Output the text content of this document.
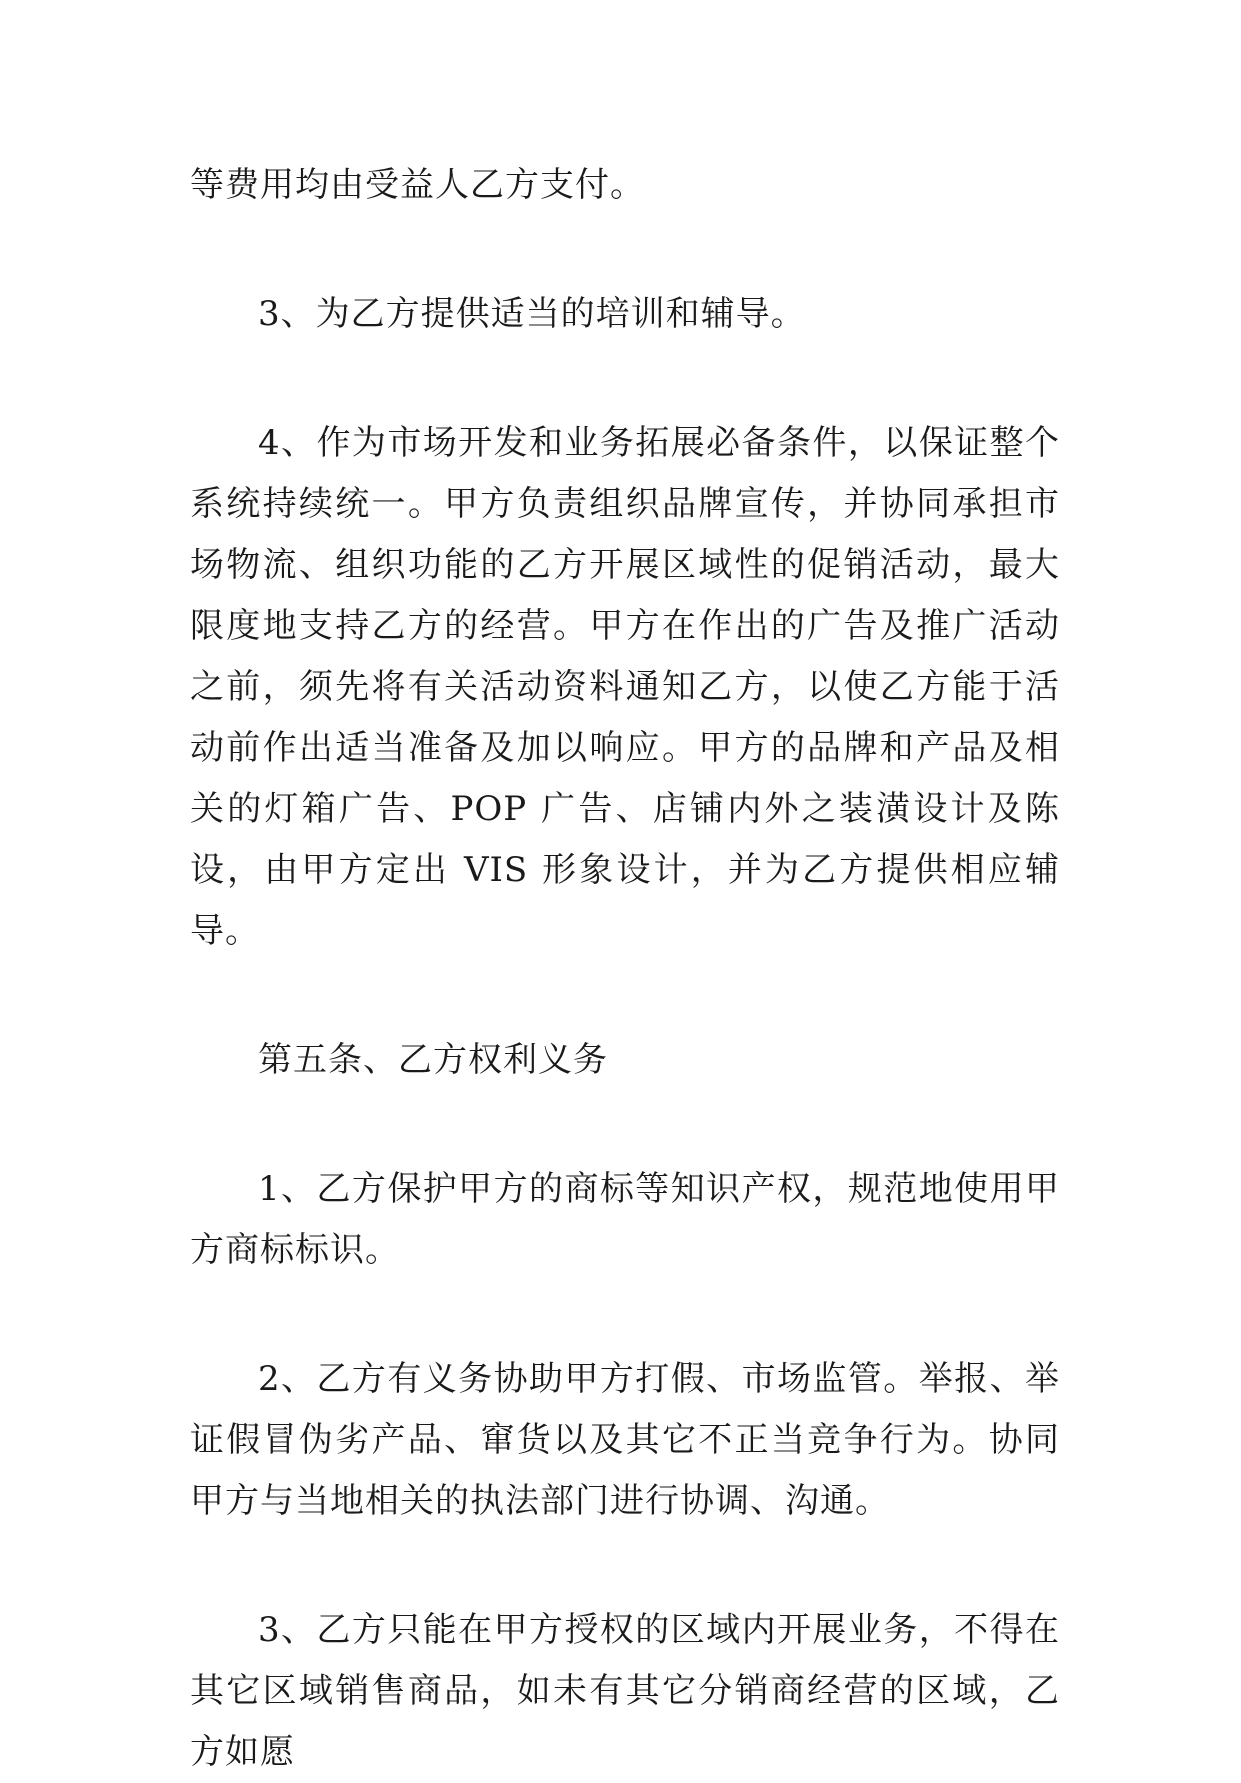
等费用均由受益人乙方支付。

3、为乙方提供适当的培训和辅导。

4、作为市场开发和业务拓展必备条件，以保证整个系统持续统一。甲方负责组织品牌宣传，并协同承担市场物流、组织功能的乙方开展区域性的促销活动，最大限度地支持乙方的经营。甲方在作出的广告及推广活动之前，须先将有关活动资料通知乙方，以使乙方能于活动前作出适当准备及加以响应。甲方的品牌和产品及相关的灯箱广告、POP 广告、店铺内外之装潢设计及陈设，由甲方定出 VIS 形象设计，并为乙方提供相应辅导。

第五条、乙方权利义务

1、乙方保护甲方的商标等知识产权，规范地使用甲方商标标识。

2、乙方有义务协助甲方打假、市场监管。举报、举证假冒伪劣产品、窜货以及其它不正当竞争行为。协同甲方与当地相关的执法部门进行协调、沟通。

3、乙方只能在甲方授权的区域内开展业务，不得在其它区域销售商品，如未有其它分销商经营的区域，乙方如愿
